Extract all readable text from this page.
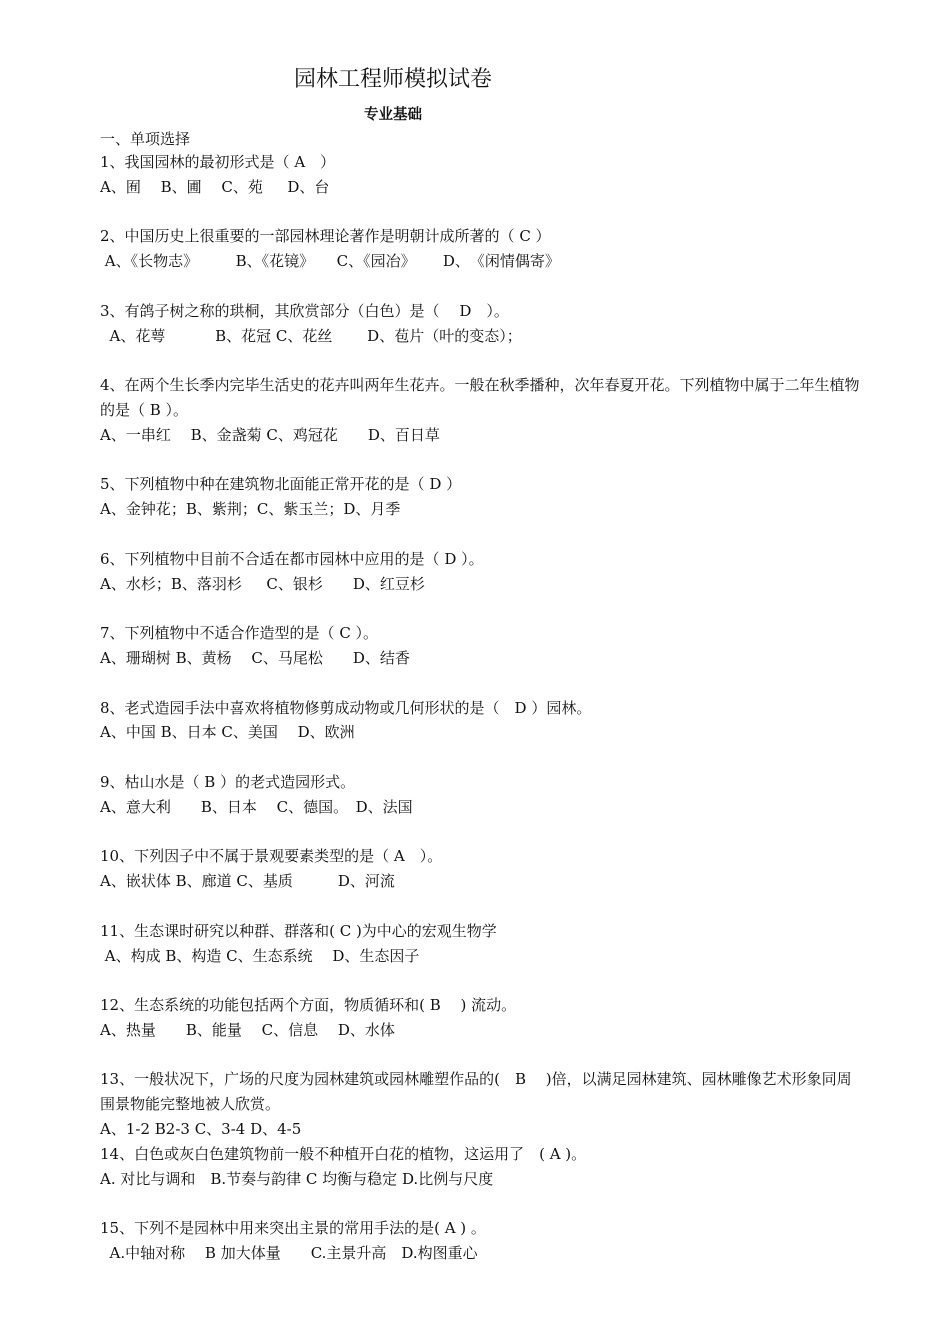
园林工程师模拟试卷
专业基础
一、单项选择

1、我国园林的最初形式是（ A　）

A、囿　 B、圃　 C、苑　  D、台

2、中国历史上很重要的一部园林理论著作是明朝计成所著的（ C ）

A、《长物志》　　　B、《花镜》　　C、《园冶》　　 D、　《闲情偶寄》

3、有鸽子树之称的珙桐，其欣赏部分（白色）是（　 D　）。

A、花萼　　　 B、花冠 C、花丝　　 D、苞片（叶的变态）；

4、在两个生长季内完毕生活史的花卉叫两年生花卉。一般在秋季播种，次年春夏开花。下列植物中属于二年生植物的是（ B ）。

A、一串红　 B、金盏菊 C、鸡冠花　　D、百日草

5、下列植物中种在建筑物北面能正常开花的是（ D ）

A、金钟花；B、紫荆；C、紫玉兰；D、月季

6、下列植物中目前不合适在都市园林中应用的是（ D ）。

A、水杉；B、落羽杉　  C、银杉　　D、红豆杉

7、下列植物中不适合作造型的是（ C ）。

A、珊瑚树 B、黄杨　 C、马尾松　　D、结香

8、老式造园手法中喜欢将植物修剪成动物或几何形状的是（　D ）园林。

A、中国 B、日本 C、美国　 D、欧洲

9、枯山水是（ B ）的老式造园形式。

A、意大利　　B、日本　 C、德国。　D、法国

10、下列因子中不属于景观要素类型的是（ A　）。

A、嵌状体 B、廊道 C、基质　　　D、河流

11、生态课时研究以种群、群落和( C )为中心的宏观生物学

A、构成 B、构造 C、生态系统　 D、生态因子

12、生态系统的功能包括两个方面，物质循环和( B　 ) 流动。

A、热量　　B、能量　 C、信息　 D、水体

13、一般状况下，广场的尺度为园林建筑或园林雕塑作品的(　B　 )倍，以满足园林建筑、园林雕像艺术形象同周围景物能完整地被人欣赏。

A、1-2 B2-3 C、3-4 D、4-5

14、白色或灰白色建筑物前一般不种植开白花的植物，这运用了　( A )。

A. 对比与调和　B.节奏与韵律 C 均衡与稳定 D.比例与尺度

15、下列不是园林中用来突出主景的常用手法的是( A ) 。

A.中轴对称　 B 加大体量　　C.主景升高　D.构图重心
